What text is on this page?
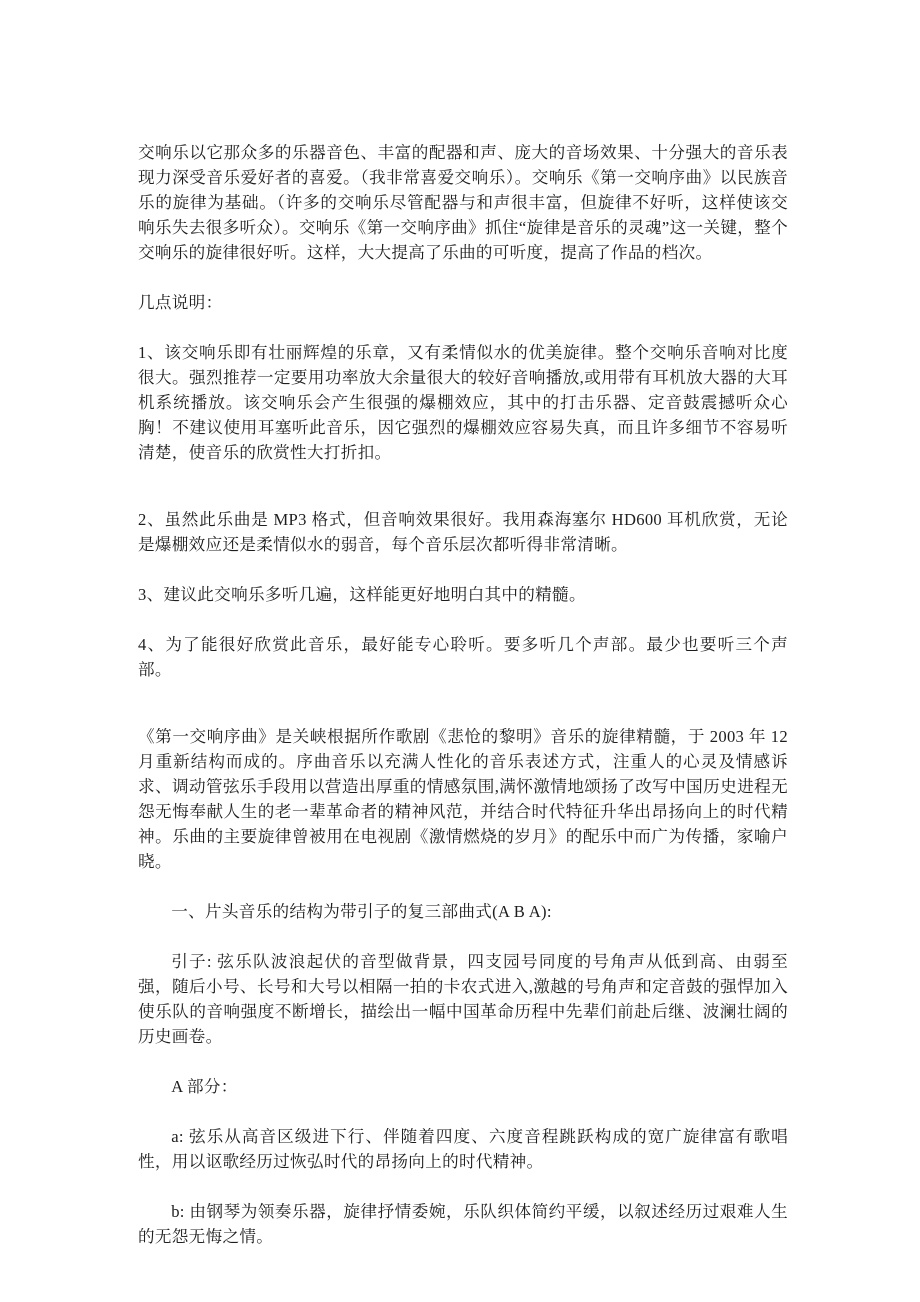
交响乐以它那众多的乐器音色、丰富的配器和声、庞大的音场效果、十分强大的音乐表现力深受音乐爱好者的喜爱。（我非常喜爱交响乐）。交响乐《第一交响序曲》以民族音乐的旋律为基础。（许多的交响乐尽管配器与和声很丰富，但旋律不好听，这样使该交响乐失去很多听众）。交响乐《第一交响序曲》抓住“旋律是音乐的灵魂”这一关键，整个交响乐的旋律很好听。这样，大大提高了乐曲的可听度，提高了作品的档次。

几点说明：

1、该交响乐即有壮丽辉煌的乐章，又有柔情似水的优美旋律。整个交响乐音响对比度很大。强烈推荐一定要用功率放大余量很大的较好音响播放,或用带有耳机放大器的大耳机系统播放。该交响乐会产生很强的爆棚效应，其中的打击乐器、定音鼓震撼听众心胸！不建议使用耳塞听此音乐，因它强烈的爆棚效应容易失真，而且许多细节不容易听清楚，使音乐的欣赏性大打折扣。

2、虽然此乐曲是 MP3 格式，但音响效果很好。我用森海塞尔 HD600 耳机欣赏，无论是爆棚效应还是柔情似水的弱音，每个音乐层次都听得非常清晰。

3、建议此交响乐多听几遍，这样能更好地明白其中的精髓。

4、为了能很好欣赏此音乐，最好能专心聆听。要多听几个声部。最少也要听三个声部。

《第一交响序曲》是关峡根据所作歌剧《悲怆的黎明》音乐的旋律精髓，于 2003 年 12 月重新结构而成的。序曲音乐以充满人性化的音乐表述方式，注重人的心灵及情感诉求、调动管弦乐手段用以营造出厚重的情感氛围,满怀激情地颂扬了改写中国历史进程无怨无悔奉献人生的老一辈革命者的精神风范，并结合时代特征升华出昂扬向上的时代精神。乐曲的主要旋律曾被用在电视剧《激情燃烧的岁月》的配乐中而广为传播，家喻户晓。

一、片头音乐的结构为带引子的复三部曲式(A B A):

引子: 弦乐队波浪起伏的音型做背景，四支园号同度的号角声从低到高、由弱至强，随后小号、长号和大号以相隔一拍的卡农式进入,激越的号角声和定音鼓的强悍加入使乐队的音响强度不断增长，描绘出一幅中国革命历程中先辈们前赴后继、波澜壮阔的历史画卷。

A 部分：

a: 弦乐从高音区级进下行、伴随着四度、六度音程跳跃构成的宽广旋律富有歌唱性，用以讴歌经历过恢弘时代的昂扬向上的时代精神。

b: 由钢琴为领奏乐器，旋律抒情委婉，乐队织体简约平缓，以叙述经历过艰难人生的无怨无悔之情。
